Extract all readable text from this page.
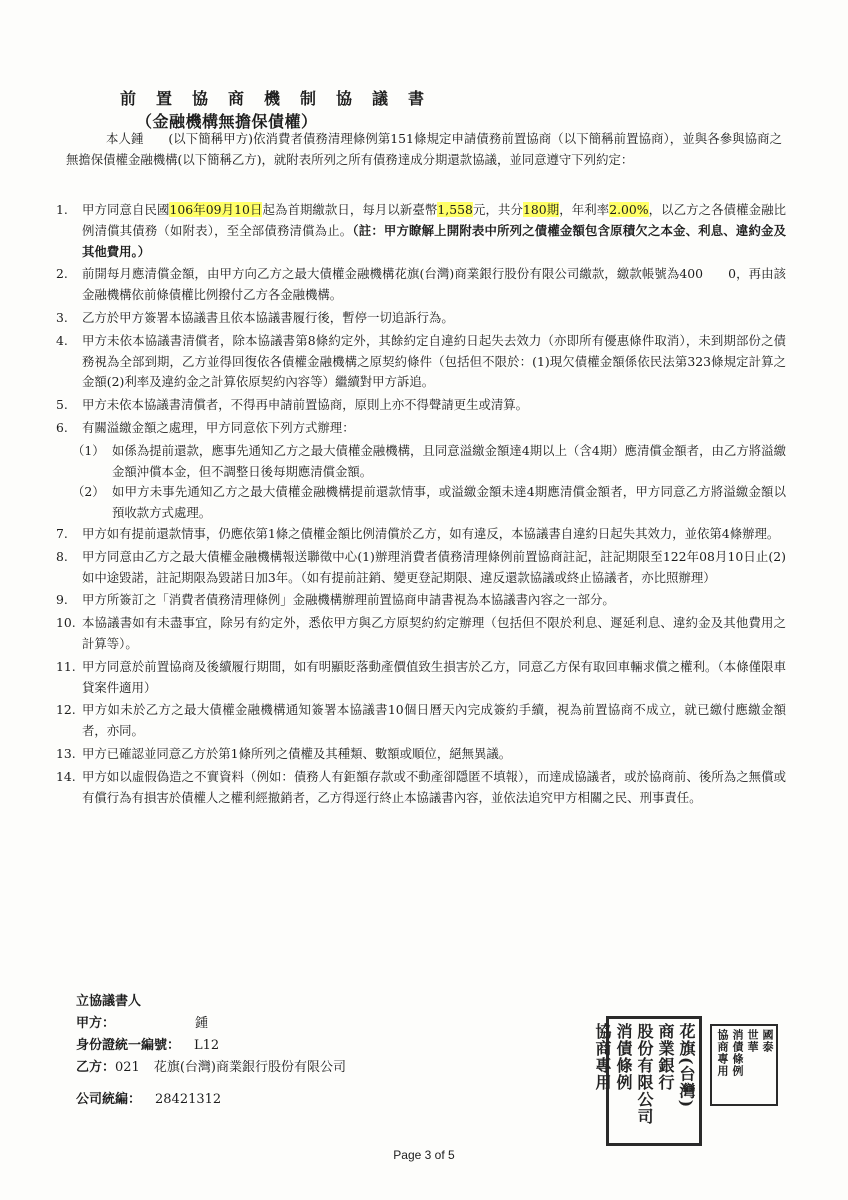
前置協商機制協議書
（金融機構無擔保債權）
本人鍾　　(以下簡稱甲方)依消費者債務清理條例第151條規定申請債務前置協商（以下簡稱前置協商），並與各參與協商之無擔保債權金融機構(以下簡稱乙方)，就附表所列之所有債務達成分期還款協議，並同意遵守下列約定：
1.	甲方同意自民國106年09月10日起為首期繳款日，每月以新臺幣1,558元，共分180期，年利率2.00%，以乙方之各債權金融比例清償其債務（如附表），至全部債務清償為止。（註：甲方瞭解上開附表中所列之債權金額包含原積欠之本金、利息、違約金及其他費用。）
2.	前開每月應清償金額，由甲方向乙方之最大債權金融機構花旗(台灣)商業銀行股份有限公司繳款，繳款帳號為400　　0，再由該金融機構依前條債權比例撥付乙方各金融機構。
3.	乙方於甲方簽署本協議書且依本協議書履行後，暫停一切追訴行為。
4.	甲方未依本協議書清償者，除本協議書第8條約定外，其餘約定自違約日起失去效力（亦即所有優惠條件取消），未到期部份之債務視為全部到期，乙方並得回復依各債權金融機構之原契約條件（包括但不限於：(1)現欠債權金額係依民法第323條規定計算之金額(2)利率及違約金之計算依原契約內容等）繼續對甲方訴追。
5.	甲方未依本協議書清償者，不得再申請前置協商，原則上亦不得聲請更生或清算。
6.	有關溢繳金額之處理，甲方同意依下列方式辦理：
（1） 如係為提前還款，應事先通知乙方之最大債權金融機構，且同意溢繳金額達4期以上（含4期）應清償金額者，由乙方將溢繳金額沖償本金，但不調整日後每期應清償金額。
（2） 如甲方未事先通知乙方之最大債權金融機構提前還款情事，或溢繳金額未達4期應清償金額者，甲方同意乙方將溢繳金額以預收款方式處理。
7.	甲方如有提前還款情事，仍應依第1條之債權金額比例清償於乙方，如有違反，本協議書自違約日起失其效力，並依第4條辦理。
8.	甲方同意由乙方之最大債權金融機構報送聯徵中心(1)辦理消費者債務清理條例前置協商註記，註記期限至122年08月10日止(2)如中途毀諾，註記期限為毀諾日加3年。（如有提前註銷、變更登記期限、違反還款協議或終止協議者，亦比照辦理）
9.	甲方所簽訂之「消費者債務清理條例」金融機構辦理前置協商申請書視為本協議書內容之一部分。
10. 本協議書如有未盡事宜，除另有約定外，悉依甲方與乙方原契約約定辦理（包括但不限於利息、遲延利息、違約金及其他費用之計算等）。
11. 甲方同意於前置協商及後續履行期間，如有明顯貶落動產價值致生損害於乙方，同意乙方保有取回車輛求償之權利。（本條僅限車貸案件適用）
12. 甲方如未於乙方之最大債權金融機構通知簽署本協議書10個日曆天內完成簽約手續，視為前置協商不成立，就已繳付應繳金額者，亦同。
13. 甲方已確認並同意乙方於第1條所列之債權及其種類、數額或順位，絕無異議。
14. 甲方如以虛假偽造之不實資料（例如：債務人有鉅額存款或不動產卻隱匿不填報），而達成協議者，或於協商前、後所為之無償或有償行為有損害於債權人之權利經撤銷者，乙方得逕行終止本協議書內容，並依法追究甲方相關之民、刑事責任。
立協議書人
甲方：	鍾
身份證統一編號： L12
乙方：021 花旗(台灣)商業銀行股份有限公司
公司統編： 28421312	花旗(台灣)
商業銀行
股份有限公司
消債條例
協商專用	國泰
世華
消債條例
協商專用
Page 3 of 5
